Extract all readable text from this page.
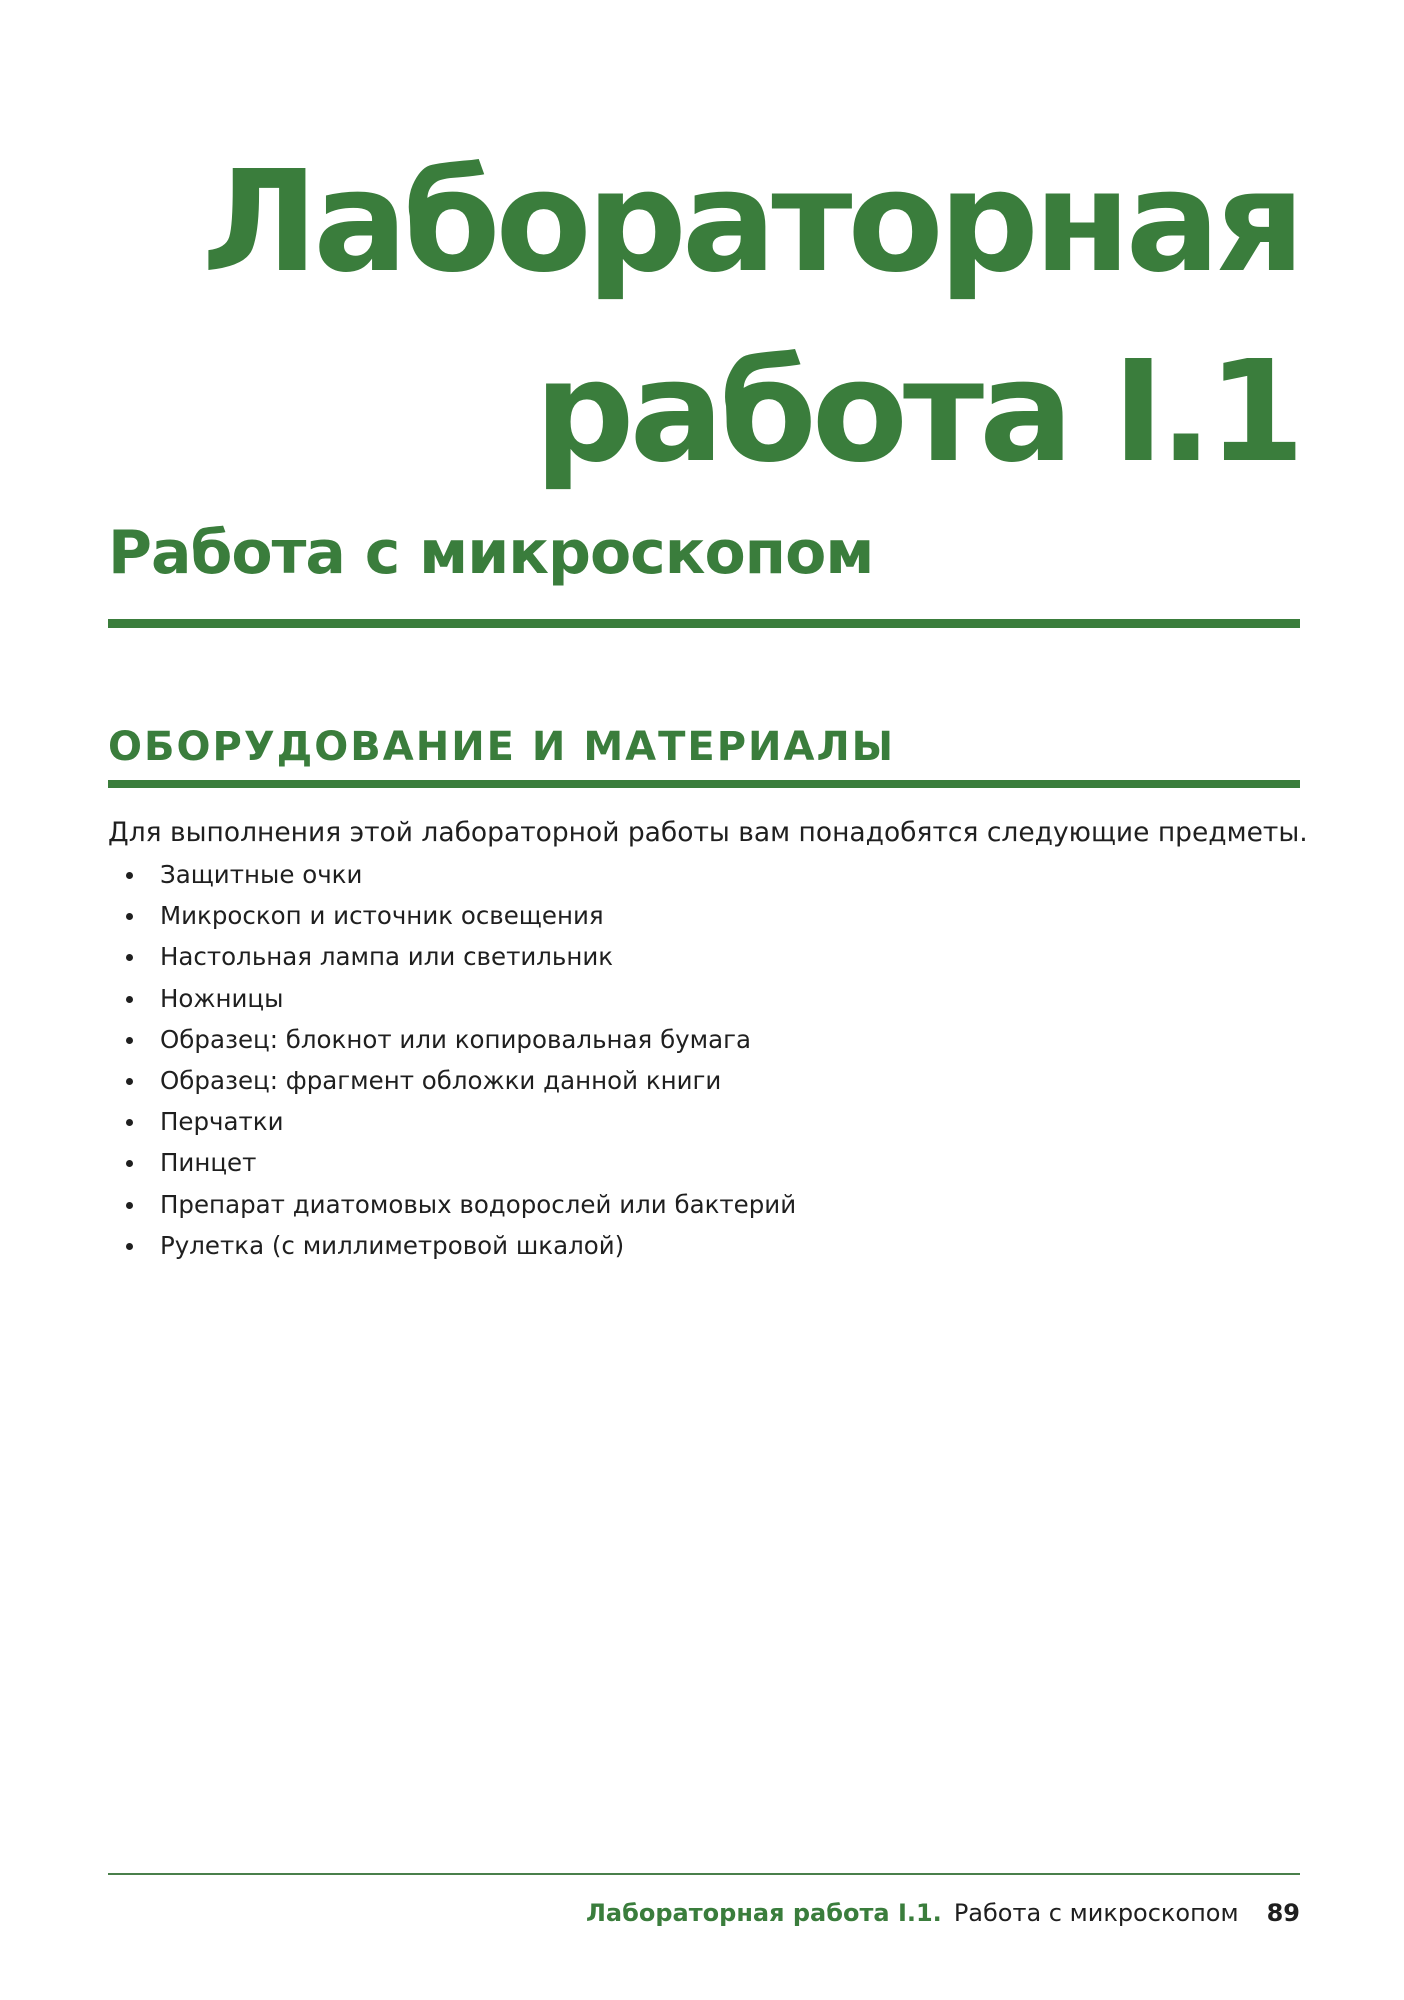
Лабораторная
работа I.1
Работа с микроскопом
ОБОРУДОВАНИЕ И МАТЕРИАЛЫ

Для выполнения этой лабораторной работы вам понадобятся следующие предметы.

Защитные очки
Микроскоп и источник освещения
Настольная лампа или светильник
Ножницы
Образец: блокнот или копировальная бумага
Образец: фрагмент обложки данной книги
Перчатки
Пинцет
Препарат диатомовых водорослей или бактерий
Рулетка (с миллиметровой шкалой)
Лабораторная работа I.1. Работа с микроскопом 89
